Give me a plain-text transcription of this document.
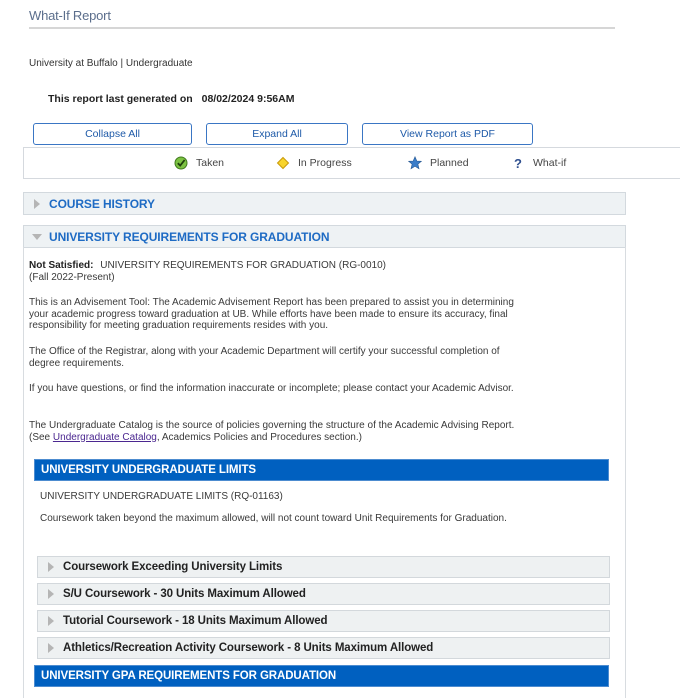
What-If Report
University at Buffalo | Undergraduate
This report last generated on 08/02/2024 9:56AM
Collapse All	Expand All	View Report as PDF
Taken	In Progress	Planned	? What-if
COURSE HISTORY
UNIVERSITY REQUIREMENTS FOR GRADUATION
Not Satisfied: UNIVERSITY REQUIREMENTS FOR GRADUATION (RG-0010)
(Fall 2022-Present)
This is an Advisement Tool: The Academic Advisement Report has been prepared to assist you in determining your academic progress toward graduation at UB. While efforts have been made to ensure its accuracy, final responsibility for meeting graduation requirements resides with you.
The Office of the Registrar, along with your Academic Department will certify your successful completion of degree requirements.
If you have questions, or find the information inaccurate or incomplete; please contact your Academic Advisor.
The Undergraduate Catalog is the source of policies governing the structure of the Academic Advising Report. (See Undergraduate Catalog, Academics Policies and Procedures section.)
UNIVERSITY UNDERGRADUATE LIMITS
UNIVERSITY UNDERGRADUATE LIMITS (RQ-01163)
Coursework taken beyond the maximum allowed, will not count toward Unit Requirements for Graduation.
Coursework Exceeding University Limits
S/U Coursework - 30 Units Maximum Allowed
Tutorial Coursework - 18 Units Maximum Allowed
Athletics/Recreation Activity Coursework - 8 Units Maximum Allowed
UNIVERSITY GPA REQUIREMENTS FOR GRADUATION
